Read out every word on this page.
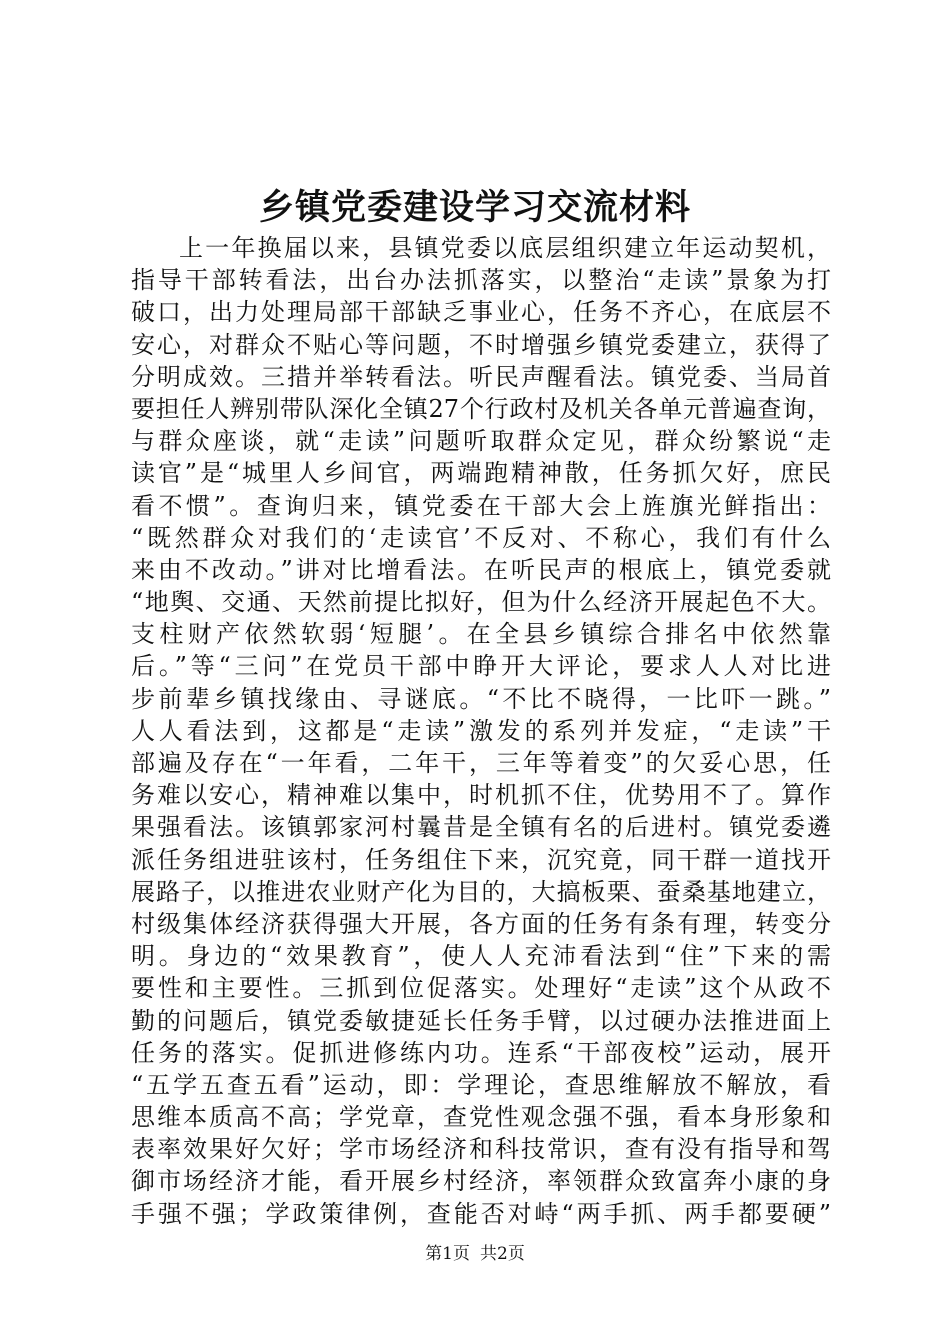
乡镇党委建设学习交流材料
上一年换届以来，县镇党委以底层组织建立年运动契机，
指导干部转看法，出台办法抓落实，以整治“走读”景象为打
破口，出力处理局部干部缺乏事业心，任务不齐心，在底层不
安心，对群众不贴心等问题，不时增强乡镇党委建立，获得了
分明成效。三措并举转看法。听民声醒看法。镇党委、当局首
要担任人辨别带队深化全镇27个行政村及机关各单元普遍查询，
与群众座谈，就“走读”问题听取群众定见，群众纷繁说“走
读官”是“城里人乡间官，两端跑精神散，任务抓欠好，庶民
看不惯”。查询归来，镇党委在干部大会上旌旗光鲜指出：
“既然群众对我们的‘走读官’不反对、不称心，我们有什么
来由不改动。”讲对比增看法。在听民声的根底上，镇党委就
“地舆、交通、天然前提比拟好，但为什么经济开展起色不大。
支柱财产依然软弱‘短腿’。在全县乡镇综合排名中依然靠
后。”等“三问”在党员干部中睁开大评论，要求人人对比进
步前辈乡镇找缘由、寻谜底。“不比不晓得，一比吓一跳。”
人人看法到，这都是“走读”激发的系列并发症，“走读”干
部遍及存在“一年看，二年干，三年等着变”的欠妥心思，任
务难以安心，精神难以集中，时机抓不住，优势用不了。算作
果强看法。该镇郭家河村曩昔是全镇有名的后进村。镇党委遴
派任务组进驻该村，任务组住下来，沉究竟，同干群一道找开
展路子，以推进农业财产化为目的，大搞板栗、蚕桑基地建立，
村级集体经济获得强大开展，各方面的任务有条有理，转变分
明。身边的“效果教育”，使人人充沛看法到“住”下来的需
要性和主要性。三抓到位促落实。处理好“走读”这个从政不
勤的问题后，镇党委敏捷延长任务手臂，以过硬办法推进面上
任务的落实。促抓进修练内功。连系“干部夜校”运动，展开
“五学五查五看”运动，即：学理论，查思维解放不解放，看
思维本质高不高；学党章，查党性观念强不强，看本身形象和
表率效果好欠好；学市场经济和科技常识，查有没有指导和驾
御市场经济才能，看开展乡村经济，率领群众致富奔小康的身
手强不强；学政策律例，查能否对峙“两手抓、两手都要硬”
第1页 共2页
